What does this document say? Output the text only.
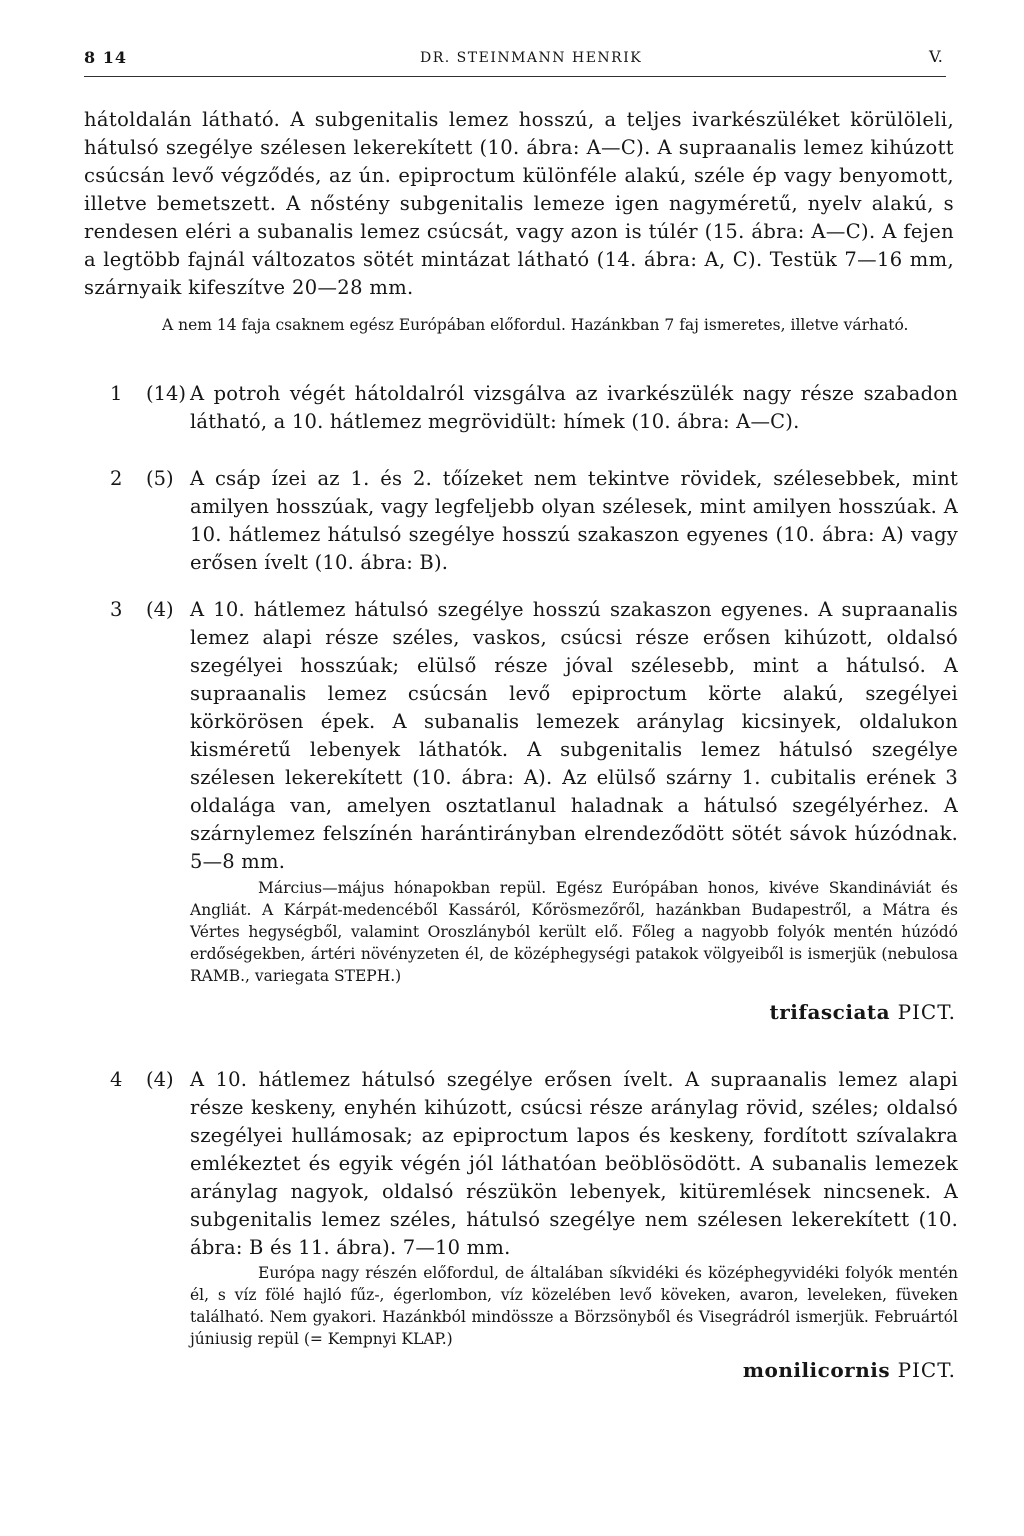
8 14	DR. STEINMANN HENRIK	V.

hátoldalán látható. A subgenitalis lemez hosszú, a teljes ivarkészüléket körülöleli, hátulsó szegélye szélesen lekerekített (10. ábra: A—C). A supraanalis lemez kihúzott csúcsán levő végződés, az ún. epiproctum különféle alakú, széle ép vagy benyomott, illetve bemetszett. A nőstény subgenitalis lemeze igen nagyméretű, nyelv alakú, s rendesen eléri a subanalis lemez csúcsát, vagy azon is túlér (15. ábra: A—C). A fejen a legtöbb fajnál változatos sötét mintázat látható (14. ábra: A, C). Testük 7—16 mm, szárnyaik kifeszítve 20—28 mm.

A nem 14 faja csaknem egész Európában előfordul. Hazánkban 7 faj ismeretes, illetve várható.

1 (14) A potroh végét hátoldalról vizsgálva az ivarkészülék nagy része szabadon látható, a 10. hátlemez megrövidült: hímek (10. ábra: A—C).

2 (5) A csáp ízei az 1. és 2. tőízeket nem tekintve rövidek, szélesebbek, mint amilyen hosszúak, vagy legfeljebb olyan szélesek, mint amilyen hosszúak. A 10. hátlemez hátulsó szegélye hosszú szakaszon egyenes (10. ábra: A) vagy erősen ívelt (10. ábra: B).

3 (4) A 10. hátlemez hátulsó szegélye hosszú szakaszon egyenes. A supraanalis lemez alapi része széles, vaskos, csúcsi része erősen kihúzott, oldalsó szegélyei hosszúak; elülső része jóval szélesebb, mint a hátulsó. A supraanalis lemez csúcsán levő epiproctum körte alakú, szegélyei körkörösen épek. A subanalis lemezek aránylag kicsinyek, oldalukon kisméretű lebenyek láthatók. A subgenitalis lemez hátulsó szegélye szélesen lekerekített (10. ábra: A). Az elülső szárny 1. cubitalis erének 3 oldalága van, amelyen osztatlanul haladnak a hátulsó szegélyérhez. A szárnylemez felszínén harántirányban elrendeződött sötét sávok húzódnak. 5—8 mm.

Március—május hónapokban repül. Egész Európában honos, kivéve Skandináviát és Angliát. A Kárpát-medencéből Kassáról, Kőrösmezőről, hazánkban Budapestről, a Mátra és Vértes hegységből, valamint Oroszlányból került elő. Főleg a nagyobb folyók mentén húzódó erdőségekben, ártéri növényzeten él, de középhegységi patakok völgyeiből is ismerjük (nebulosa RAMB., variegata STEPH.)

trifasciata PICT.
4 (4) A 10. hátlemez hátulsó szegélye erősen ívelt. A supraanalis lemez alapi része keskeny, enyhén kihúzott, csúcsi része aránylag rövid, széles; oldalsó szegélyei hullámosak; az epiproctum lapos és keskeny, fordított szívalakra emlékeztet és egyik végén jól láthatóan beöblösödött. A subanalis lemezek aránylag nagyok, oldalsó részükön lebenyek, kitüremlések nincsenek. A subgenitalis lemez széles, hátulsó szegélye nem szélesen lekerekített (10. ábra: B és 11. ábra). 7—10 mm.

Európa nagy részén előfordul, de általában síkvidéki és középhegyvidéki folyók mentén él, s víz fölé hajló fűz-, égerlombon, víz közelében levő köveken, avaron, leveleken, füveken található. Nem gyakori. Hazánkból mindössze a Börzsönyből és Visegrádról ismerjük. Februártól júniusig repül (= Kempnyi KLAP.)

monilicornis PICT.
